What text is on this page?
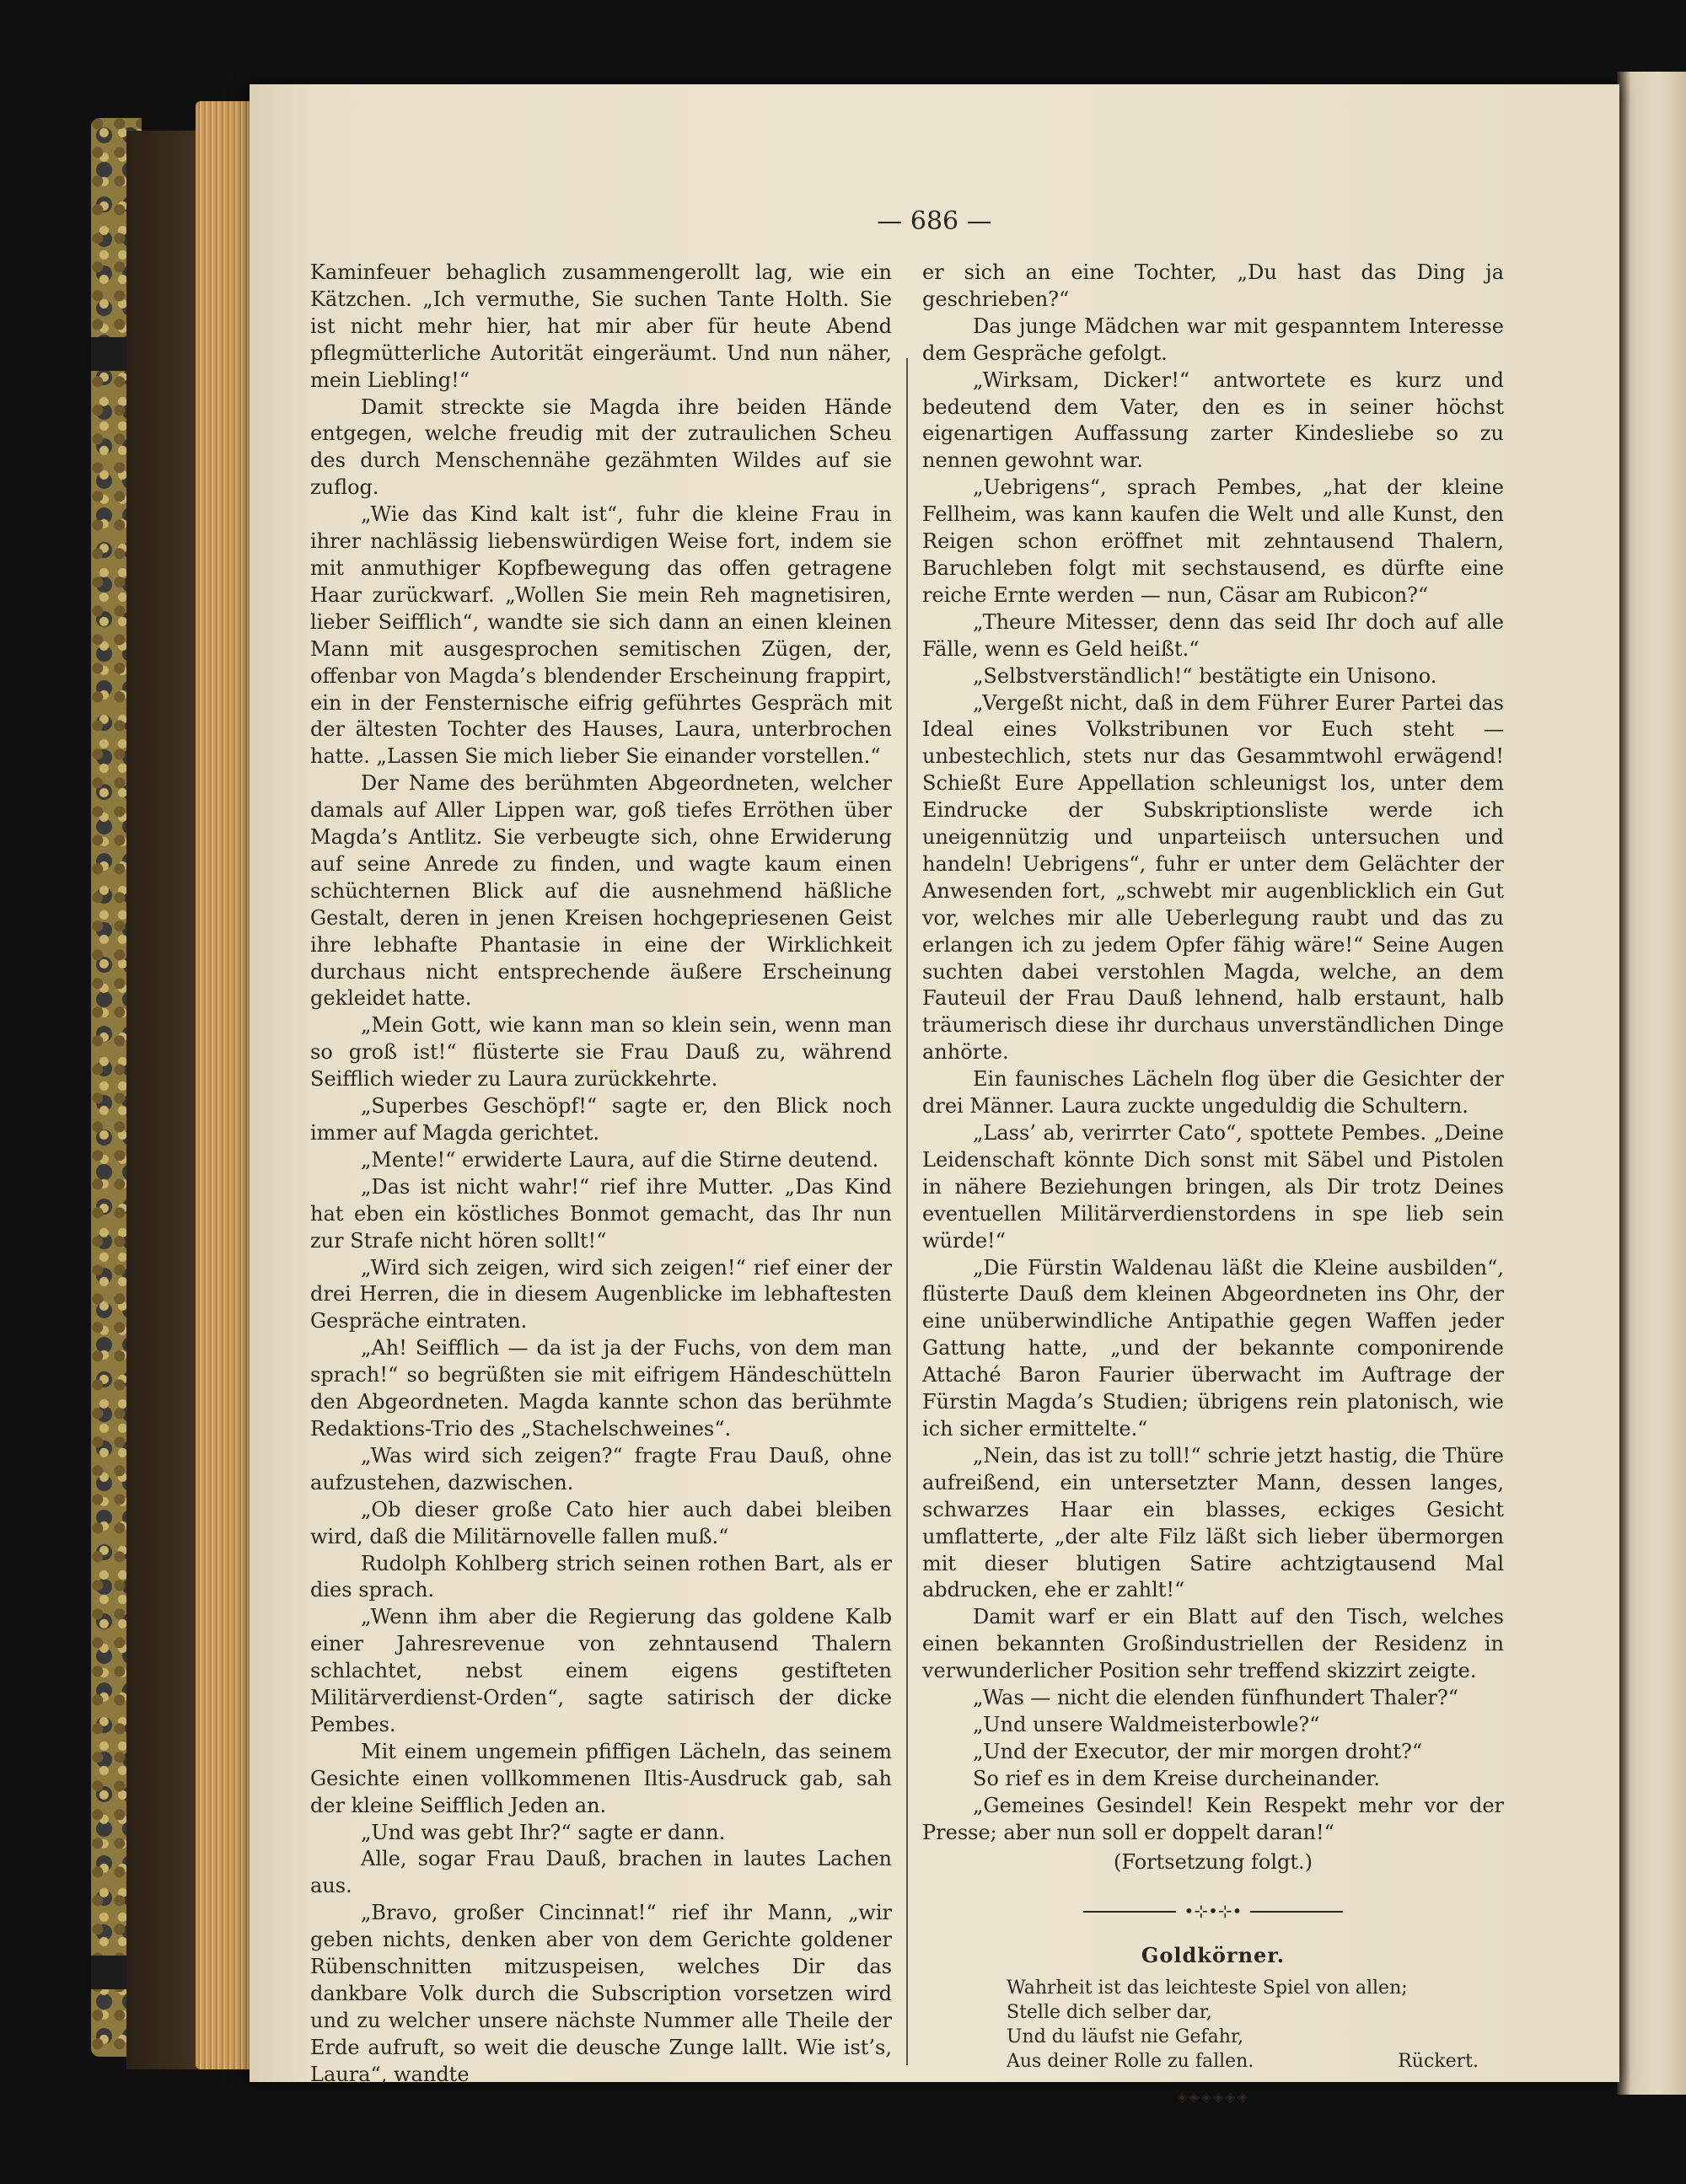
— 686 —

Kaminfeuer behaglich zusammengerollt lag, wie ein Kätzchen. „Ich vermuthe, Sie suchen Tante Holth. Sie ist nicht mehr hier, hat mir aber für heute Abend pflegmütterliche Autorität eingeräumt. Und nun näher, mein Liebling!“

Damit streckte sie Magda ihre beiden Hände entgegen, welche freudig mit der zutraulichen Scheu des durch Menschennähe gezähmten Wildes auf sie zuflog.

„Wie das Kind kalt ist“, fuhr die kleine Frau in ihrer nachlässig liebenswürdigen Weise fort, indem sie mit anmuthiger Kopfbewegung das offen getragene Haar zurückwarf. „Wollen Sie mein Reh magnetisiren, lieber Seifflich“, wandte sie sich dann an einen kleinen Mann mit ausgesprochen semitischen Zügen, der, offenbar von Magda’s blendender Erscheinung frappirt, ein in der Fensternische eifrig geführtes Gespräch mit der ältesten Tochter des Hauses, Laura, unterbrochen hatte. „Lassen Sie mich lieber Sie einander vorstellen.“

Der Name des berühmten Abgeordneten, welcher damals auf Aller Lippen war, goß tiefes Erröthen über Magda’s Antlitz. Sie verbeugte sich, ohne Erwiderung auf seine Anrede zu finden, und wagte kaum einen schüchternen Blick auf die ausnehmend häßliche Gestalt, deren in jenen Kreisen hochgepriesenen Geist ihre lebhafte Phantasie in eine der Wirklichkeit durchaus nicht entsprechende äußere Erscheinung gekleidet hatte.

„Mein Gott, wie kann man so klein sein, wenn man so groß ist!“ flüsterte sie Frau Dauß zu, während Seifflich wieder zu Laura zurückkehrte.

„Superbes Geschöpf!“ sagte er, den Blick noch immer auf Magda gerichtet.

„Mente!“ erwiderte Laura, auf die Stirne deutend.

„Das ist nicht wahr!“ rief ihre Mutter. „Das Kind hat eben ein köstliches Bonmot gemacht, das Ihr nun zur Strafe nicht hören sollt!“

„Wird sich zeigen, wird sich zeigen!“ rief einer der drei Herren, die in diesem Augenblicke im lebhaftesten Gespräche eintraten.

„Ah! Seifflich — da ist ja der Fuchs, von dem man sprach!“ so begrüßten sie mit eifrigem Händeschütteln den Abgeordneten. Magda kannte schon das berühmte Redaktions-Trio des „Stachelschweines“.

„Was wird sich zeigen?“ fragte Frau Dauß, ohne aufzustehen, dazwischen.

„Ob dieser große Cato hier auch dabei bleiben wird, daß die Militärnovelle fallen muß.“

Rudolph Kohlberg strich seinen rothen Bart, als er dies sprach.

„Wenn ihm aber die Regierung das goldene Kalb einer Jahresrevenue von zehntausend Thalern schlachtet, nebst einem eigens gestifteten Militärverdienst-Orden“, sagte satirisch der dicke Pembes.

Mit einem ungemein pfiffigen Lächeln, das seinem Gesichte einen vollkommenen Iltis-Ausdruck gab, sah der kleine Seifflich Jeden an.

„Und was gebt Ihr?“ sagte er dann.

Alle, sogar Frau Dauß, brachen in lautes Lachen aus.

„Bravo, großer Cincinnat!“ rief ihr Mann, „wir geben nichts, denken aber von dem Gerichte goldener Rübenschnitten mitzuspeisen, welches Dir das dankbare Volk durch die Subscription vorsetzen wird und zu welcher unsere nächste Nummer alle Theile der Erde aufruft, so weit die deusche Zunge lallt. Wie ist’s, Laura“, wandte

er sich an eine Tochter, „Du hast das Ding ja geschrieben?“

Das junge Mädchen war mit gespanntem Interesse dem Gespräche gefolgt.

„Wirksam, Dicker!“ antwortete es kurz und bedeutend dem Vater, den es in seiner höchst eigenartigen Auffassung zarter Kindesliebe so zu nennen gewohnt war.

„Uebrigens“, sprach Pembes, „hat der kleine Fellheim, was kann kaufen die Welt und alle Kunst, den Reigen schon eröffnet mit zehntausend Thalern, Baruchleben folgt mit sechstausend, es dürfte eine reiche Ernte werden — nun, Cäsar am Rubicon?“

„Theure Mitesser, denn das seid Ihr doch auf alle Fälle, wenn es Geld heißt.“

„Selbstverständlich!“ bestätigte ein Unisono.

„Vergeßt nicht, daß in dem Führer Eurer Partei das Ideal eines Volkstribunen vor Euch steht — unbestechlich, stets nur das Gesammtwohl erwägend! Schießt Eure Appellation schleunigst los, unter dem Eindrucke der Subskriptionsliste werde ich uneigennützig und unparteiisch untersuchen und handeln! Uebrigens“, fuhr er unter dem Gelächter der Anwesenden fort, „schwebt mir augenblicklich ein Gut vor, welches mir alle Ueberlegung raubt und das zu erlangen ich zu jedem Opfer fähig wäre!“ Seine Augen suchten dabei verstohlen Magda, welche, an dem Fauteuil der Frau Dauß lehnend, halb erstaunt, halb träumerisch diese ihr durchaus unverständlichen Dinge anhörte.

Ein faunisches Lächeln flog über die Gesichter der drei Männer. Laura zuckte ungeduldig die Schultern.

„Lass’ ab, verirrter Cato“, spottete Pembes. „Deine Leidenschaft könnte Dich sonst mit Säbel und Pistolen in nähere Beziehungen bringen, als Dir trotz Deines eventuellen Militärverdienstordens in spe lieb sein würde!“

„Die Fürstin Waldenau läßt die Kleine ausbilden“, flüsterte Dauß dem kleinen Abgeordneten ins Ohr, der eine unüberwindliche Antipathie gegen Waffen jeder Gattung hatte, „und der bekannte componirende Attaché Baron Faurier überwacht im Auftrage der Fürstin Magda’s Studien; übrigens rein platonisch, wie ich sicher ermittelte.“

„Nein, das ist zu toll!“ schrie jetzt hastig, die Thüre aufreißend, ein untersetzter Mann, dessen langes, schwarzes Haar ein blasses, eckiges Gesicht umflatterte, „der alte Filz läßt sich lieber übermorgen mit dieser blutigen Satire achtzigtausend Mal abdrucken, ehe er zahlt!“

Damit warf er ein Blatt auf den Tisch, welches einen bekannten Großindustriellen der Residenz in verwunderlicher Position sehr treffend skizzirt zeigte.

„Was — nicht die elenden fünfhundert Thaler?“

„Und unsere Waldmeisterbowle?“

„Und der Executor, der mir morgen droht?“

So rief es in dem Kreise durcheinander.

„Gemeines Gesindel! Kein Respekt mehr vor der Presse; aber nun soll er doppelt daran!“

(Fortsetzung folgt.)

•⊹•⊹•
Goldkörner.
Wahrheit ist das leichteste Spiel von allen;
Stelle dich selber dar,
Und du läufst nie Gefahr,
Aus deiner Rolle zu fallen.	Rückert.
◈◈◈◈◈◈
